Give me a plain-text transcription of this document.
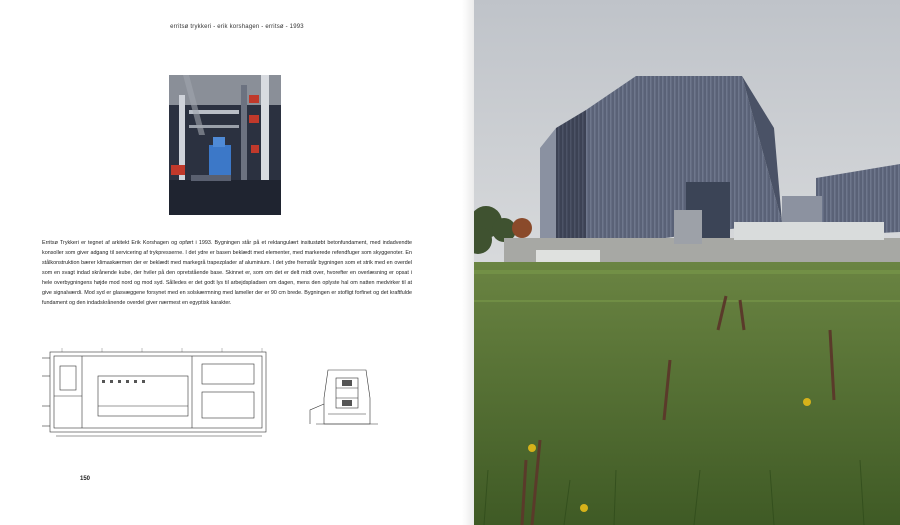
erritsø trykkeri - erik korshagen - erritsø - 1993
Erritsø Trykkeri er tegnet af arkitekt Erik Korshagen og opført i 1993. Bygningen står på et rektangulært insitustøbt betonfundament, med indadvendte konsoller som giver adgang til servicering af trykpresserne. I det ydre er basen beklædt med elementer, med markerede refendfuger som skyggenoter. En stålkonstruktion bærer klimaskærmen der er beklædt med markegrå trapezplader af aluminium. I det ydre fremstår bygningen som et strik med en overdel som en svagt indad skrånende kube, der hviler på den opretstående base. Skinnet er, som om det er delt midt over, hvorefter en overlæsning er opsat i hele overbygningens højde mod nord og mod syd. Sålledes er det godt lys til arbejdspladsen om dagen, mens den oplyste hal om natten medvirker til at give signalværdi. Mod syd er glasvæggene forsynet med en solskærmning med lameller der er 90 cm brede. Bygningen er stofligt forfinet og det kraftfulde fundament og den indadskrånende overdel giver nærmest en egyptisk karakter.
150
